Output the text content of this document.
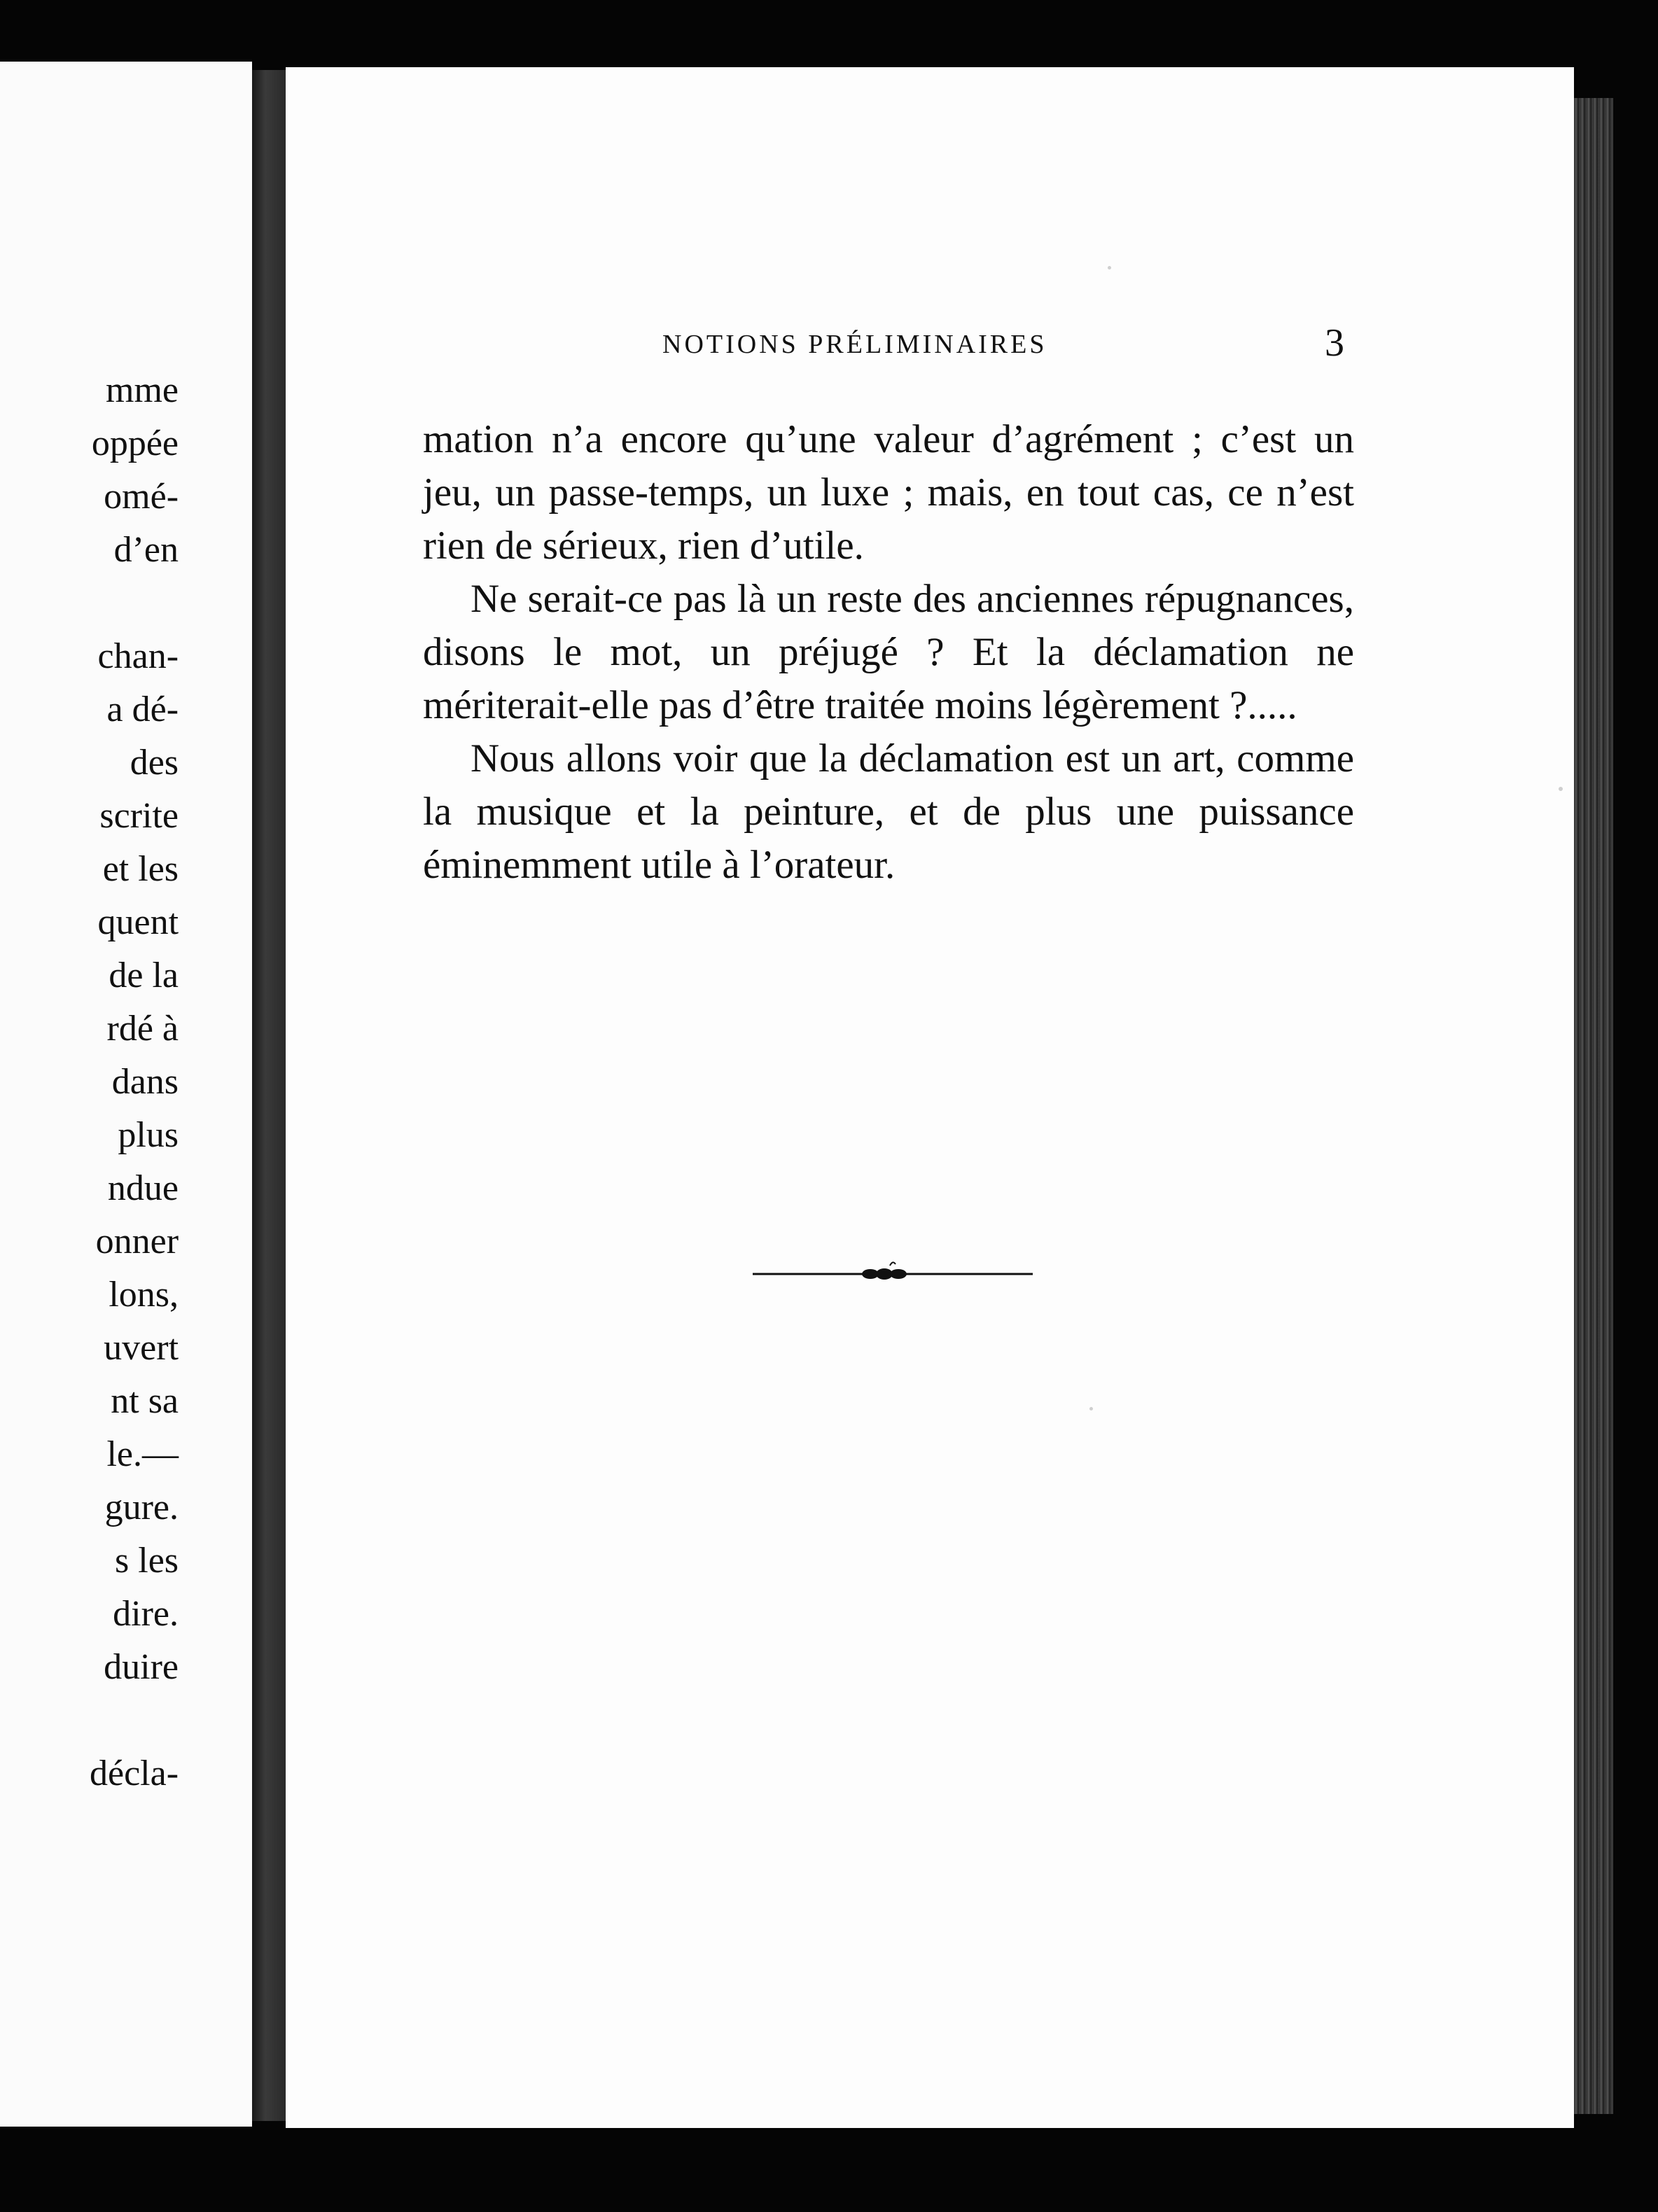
mme
oppée
omé-
d’en
chan-
a dé-
des
scrite
et les
quent
de la
rdé à
dans
plus
ndue
onner
lons,
uvert
nt sa
le.—
gure.
s les
dire.
duire
décla-
NOTIONS PRÉLIMINAIRES	3

mation n’a encore qu’une valeur d’agrément ; c’est un jeu, un passe-temps, un luxe ; mais, en tout cas, ce n’est rien de sérieux, rien d’utile.

Ne serait-ce pas là un reste des anciennes répugnances, disons le mot, un préjugé ? Et la déclamation ne mériterait-elle pas d’être traitée moins légèrement ?.....

Nous allons voir que la déclamation est un art, comme la musique et la peinture, et de plus une puissance éminemment utile à l’orateur.
